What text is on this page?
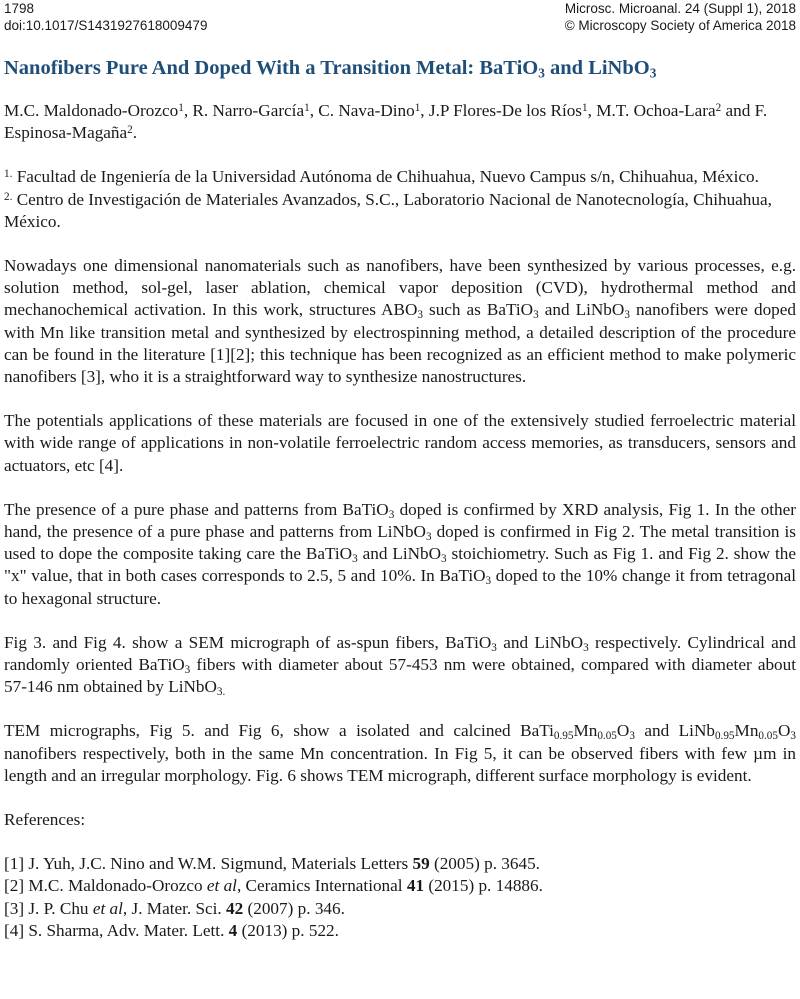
1798	Microsc. Microanal. 24 (Suppl 1), 2018
doi:10.1017/S1431927618009479	© Microscopy Society of America 2018
Nanofibers Pure And Doped With a Transition Metal: BaTiO$_3$ and LiNbO$_3$

M.C. Maldonado-Orozco$^1$, R. Narro-García$^1$, C. Nava-Dino$^1$, J.P Flores-De los Ríos$^1$, M.T. Ochoa-Lara$^2$ and F. Espinosa-Magaña$^2$.

$^{1.}$ Facultad de Ingeniería de la Universidad Autónoma de Chihuahua, Nuevo Campus s/n, Chihuahua, México.

$^{2.}$ Centro de Investigación de Materiales Avanzados, S.C., Laboratorio Nacional de Nanotecnología, Chihuahua, México.

Nowadays one dimensional nanomaterials such as nanofibers, have been synthesized by various processes, e.g. solution method, sol-gel, laser ablation, chemical vapor deposition (CVD), hydrothermal method and mechanochemical activation. In this work, structures $ABO_3$ such as BaTiO$_3$ and LiNbO$_3$ nanofibers were doped with Mn like transition metal and synthesized by electrospinning method, a detailed description of the procedure can be found in the literature [1][2]; this technique has been recognized as an efficient method to make polymeric nanofibers [3], who it is a straightforward way to synthesize nanostructures.

The potentials applications of these materials are focused in one of the extensively studied ferroelectric material with wide range of applications in non-volatile ferroelectric random access memories, as transducers, sensors and actuators, etc [4].

The presence of a pure phase and patterns from BaTiO$_3$ doped is confirmed by XRD analysis, Fig 1. In the other hand, the presence of a pure phase and patterns from LiNbO$_3$ doped is confirmed in Fig 2. The metal transition is used to dope the composite taking care the BaTiO$_3$ and LiNbO$_3$ stoichiometry. Such as Fig 1. and Fig 2. show the "x" value, that in both cases corresponds to 2.5, 5 and 10%. In BaTiO$_3$ doped to the 10% change it from tetragonal to hexagonal structure.

Fig 3. and Fig 4. show a SEM micrograph of as-spun fibers, BaTiO$_3$ and LiNbO$_3$ respectively. Cylindrical and randomly oriented BaTiO$_3$ fibers with diameter about 57-453 nm were obtained, compared with diameter about 57-146 nm obtained by LiNbO$_{3.}$

TEM micrographs, Fig 5. and Fig 6, show a isolated and calcined $BaTi_{0.95}Mn_{0.05}O_3$ and $LiNb_{0.95}Mn_{0.05}O_3$ nanofibers respectively, both in the same Mn concentration. In Fig 5, it can be observed fibers with few µm in length and an irregular morphology. Fig. 6 shows TEM micrograph, different surface morphology is evident.

References:

[1] J. Yuh, J.C. Nino and W.M. Sigmund, Materials Letters 59 (2005) p. 3645.

[2] M.C. Maldonado-Orozco et al, Ceramics International 41 (2015) p. 14886.

[3] J. P. Chu et al, J. Mater. Sci. 42 (2007) p. 346.

[4] S. Sharma, Adv. Mater. Lett. 4 (2013) p. 522.
